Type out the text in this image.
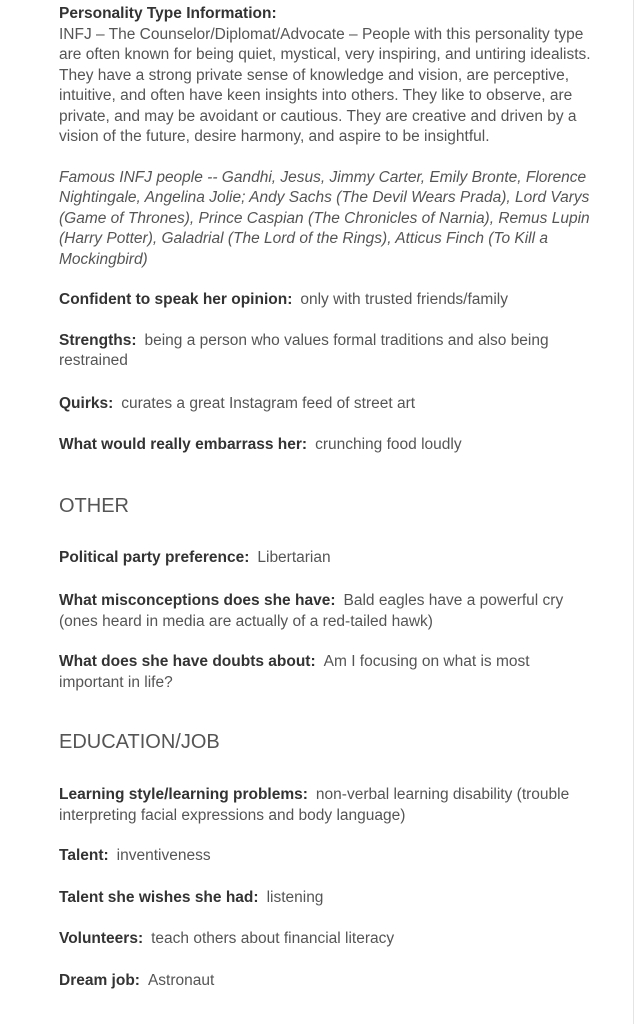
Personality Type Information:
INFJ – The Counselor/Diplomat/Advocate – People with this personality type are often known for being quiet, mystical, very inspiring, and untiring idealists. They have a strong private sense of knowledge and vision, are perceptive, intuitive, and often have keen insights into others. They like to observe, are private, and may be avoidant or cautious. They are creative and driven by a vision of the future, desire harmony, and aspire to be insightful.
Famous INFJ people -- Gandhi, Jesus, Jimmy Carter, Emily Bronte, Florence Nightingale, Angelina Jolie; Andy Sachs (The Devil Wears Prada), Lord Varys (Game of Thrones), Prince Caspian (The Chronicles of Narnia), Remus Lupin (Harry Potter), Galadrial (The Lord of the Rings), Atticus Finch (To Kill a Mockingbird)
Confident to speak her opinion: only with trusted friends/family
Strengths: being a person who values formal traditions and also being restrained
Quirks: curates a great Instagram feed of street art
What would really embarrass her: crunching food loudly
OTHER
Political party preference: Libertarian
What misconceptions does she have: Bald eagles have a powerful cry (ones heard in media are actually of a red-tailed hawk)
What does she have doubts about: Am I focusing on what is most important in life?
EDUCATION/JOB
Learning style/learning problems: non-verbal learning disability (trouble interpreting facial expressions and body language)
Talent: inventiveness
Talent she wishes she had: listening
Volunteers: teach others about financial literacy
Dream job: Astronaut
